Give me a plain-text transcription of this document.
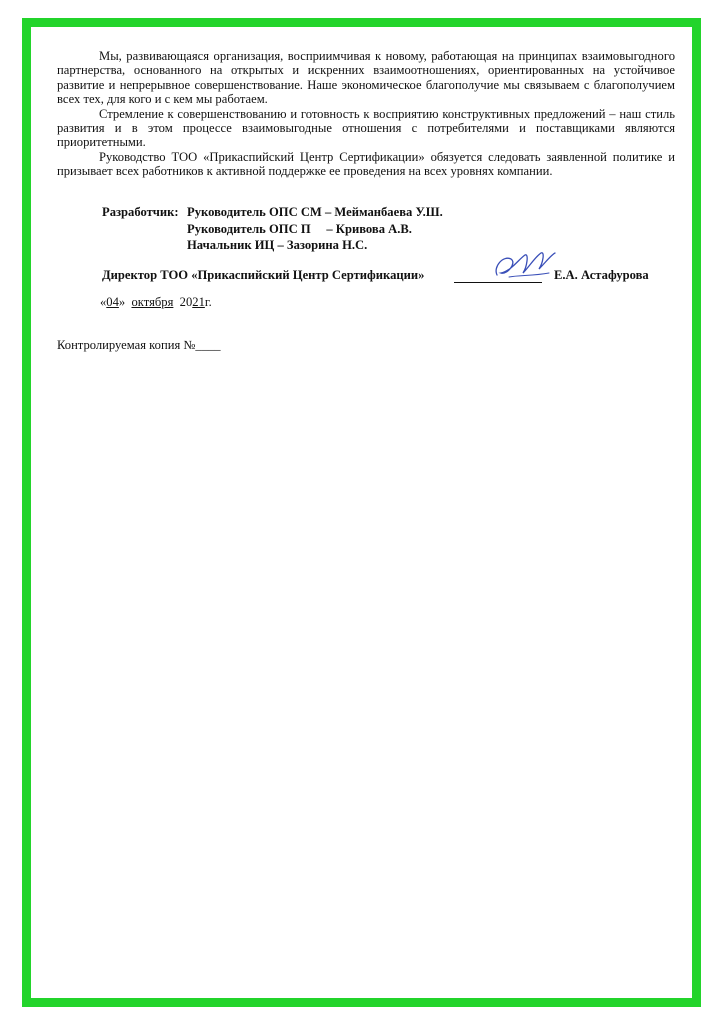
Мы, развивающаяся организация, восприимчивая к новому, работающая на принципах взаимовыгодного партнерства, основанного на открытых и искренних взаимоотношениях, ориентированных на устойчивое развитие и непрерывное совершенствование. Наше экономическое благополучие мы связываем с благополучием всех тех, для кого и с кем мы работаем.

Стремление к совершенствованию и готовность к восприятию конструктивных предложений – наш стиль развития и в этом процессе взаимовыгодные отношения с потребителями и поставщиками являются приоритетными.

Руководство ТОО «Прикаспийский Центр Сертификации» обязуется следовать заявленной политике и призывает всех работников к активной поддержке ее проведения на всех уровнях компании.

Разработчик: Руководитель ОПС СМ – Мейманбаева У.Ш.
Руководитель ОПС П     – Кривова А.В.
Начальник ИЦ – Зазорина Н.С.
Директор ТОО «Прикаспийский Центр Сертификации»	Е.А. Астафурова
«04» октября 2021г.
Контролируемая копия №____
